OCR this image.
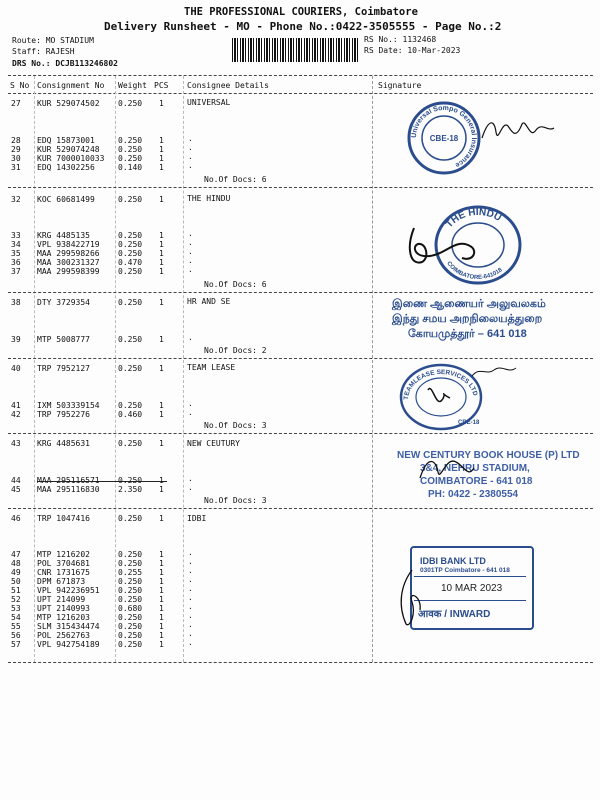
THE PROFESSIONAL COURIERS, Coimbatore
Delivery Runsheet - MO - Phone No.:0422-3505555 - Page No.:2
Route: MO STADIUM
Staff: RAJESH
DRS No.: DCJB113246802
RS No.: 1132468
RS Date: 10-Mar-2023
S No Consignment No Weight PCS Consignee Details	Signature
UNIVERSAL
27 KUR 529074502 0.250 1
28 EDQ 15873001	0.250 1	.
29 KUR 529074248 0.250 1	.
30 KUR 7000010033 0.250 1	.
31 EDQ 14302256	0.140 1	.
No.Of Docs: 6
THE HINDU
32 KOC 60681499	0.250 1
33 KRG 4485135	0.250 1	.
34 VPL 938422719 0.250 1	.
35 MAA 299598266 0.250 1	.
36 MAA 300231327 0.470 1	.
37 MAA 299598399 0.250 1	.
No.Of Docs: 6
HR AND SE
38 DTY 3729354	0.250 1
39 MTP 5008777	0.250 1	.
No.Of Docs: 2
TEAM LEASE
40 TRP 7952127	0.250 1
41 IXM 503339154 0.250 1	.
42 TRP 7952276	0.460 1	.
No.Of Docs: 3
NEW CEUTURY
43 KRG 4485631	0.250 1
44 MAA 295116571 0.250 1	.
45 MAA 295116830 2.350 1	.
No.Of Docs: 3
IDBI
46 TRP 1047416	0.250 1
47 MTP 1216202	0.250 1	.
48 POL 3704681	0.250 1	.
49 CNR 1731675	0.255 1	.
50 DPM 671873	0.250 1	.
51 VPL 942236951 0.250 1	.
52 UPT 214099	0.250 1	.
53 UPT 2140993	0.680 1	.
54 MTP 1216203	0.250 1	.
55 SLM 315434474 0.250 1	.
56 POL 2562763	0.250 1	.
57 VPL 942754189 0.250 1	.
Universal Sompo General Insurance
CBE-18
THE HINDU
COIMBATORE-641018
இணை ஆணையர் அலுவலகம்
இந்து சமய அறநிலையத்துறை
கோயமுத்தூர் – 641 018
TEAMLEASE SERVICES LTD
CBE-18
NEW CENTURY BOOK HOUSE (P) LTD
3&4, NEHRU STADIUM,
COIMBATORE - 641 018
PH: 0422 - 2380554
IDBI BANK LTD
0301TP Coimbatore - 641 018
10 MAR 2023
आवक / INWARD
